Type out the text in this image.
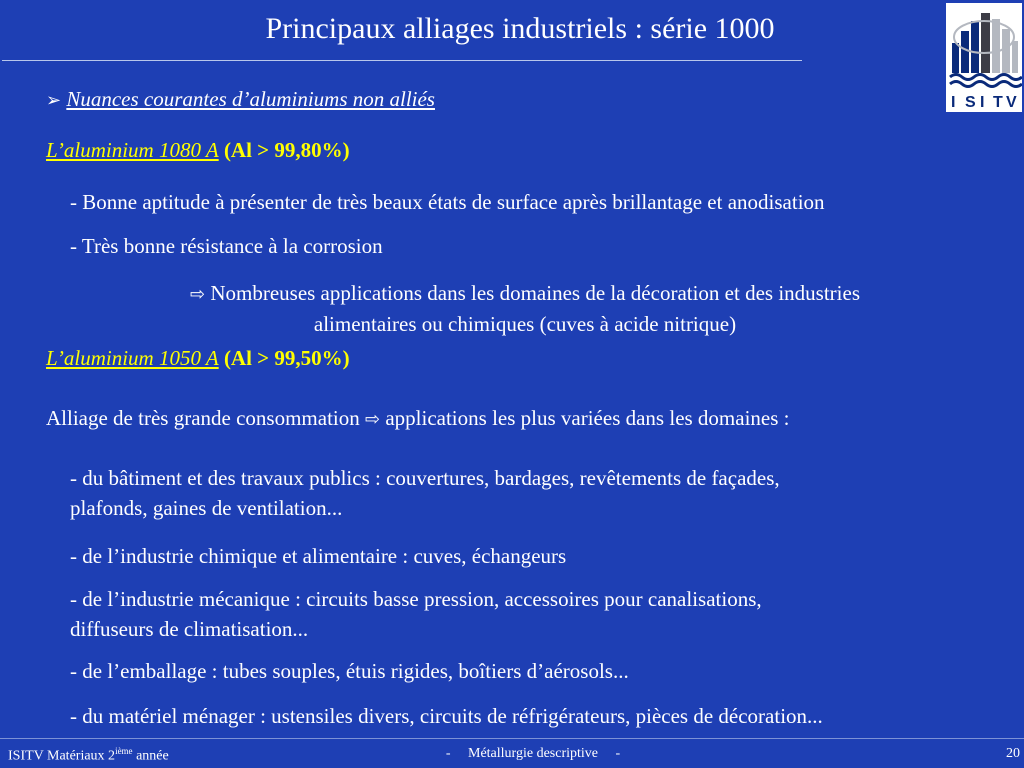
Principaux alliages industriels : série 1000
I S I T V
➢ Nuances courantes d’aluminiums non alliés
L’aluminium 1080 A (Al > 99,80%)
- Bonne aptitude à présenter de très beaux états de surface après brillantage et anodisation
- Très bonne résistance à la corrosion
⇨ Nombreuses applications dans les domaines de la décoration et des industries
alimentaires ou chimiques (cuves à acide nitrique)
L’aluminium 1050 A (Al > 99,50%)
Alliage de très grande consommation ⇨ applications les plus variées dans les domaines :
- du bâtiment et des travaux publics : couvertures, bardages, revêtements de façades,
plafonds, gaines de ventilation...
- de l’industrie chimique et alimentaire : cuves, échangeurs
- de l’industrie mécanique : circuits basse pression, accessoires pour canalisations,
diffuseurs de climatisation...
- de l’emballage : tubes souples, étuis rigides, boîtiers d’aérosols...
- du matériel ménager : ustensiles divers, circuits de réfrigérateurs, pièces de décoration...
ISITV Matériaux 2ième année	-     Métallurgie descriptive     -	20
